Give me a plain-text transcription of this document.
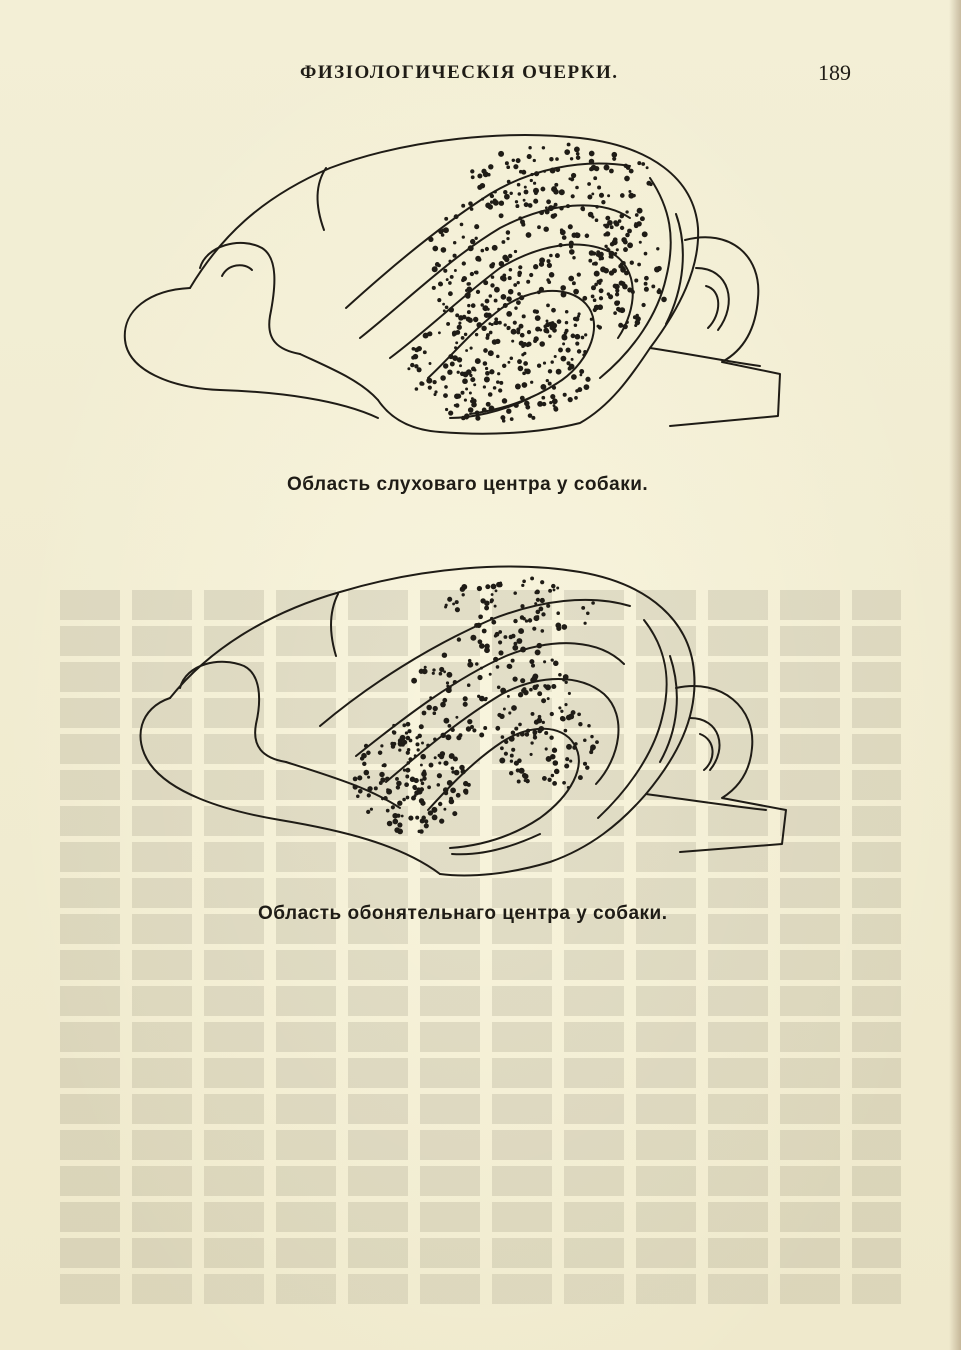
ФИЗІОЛОГИЧЕСКІЯ ОЧЕРКИ.	189
Область слуховаго центра у собаки.
Область обонятельнаго центра у собаки.
